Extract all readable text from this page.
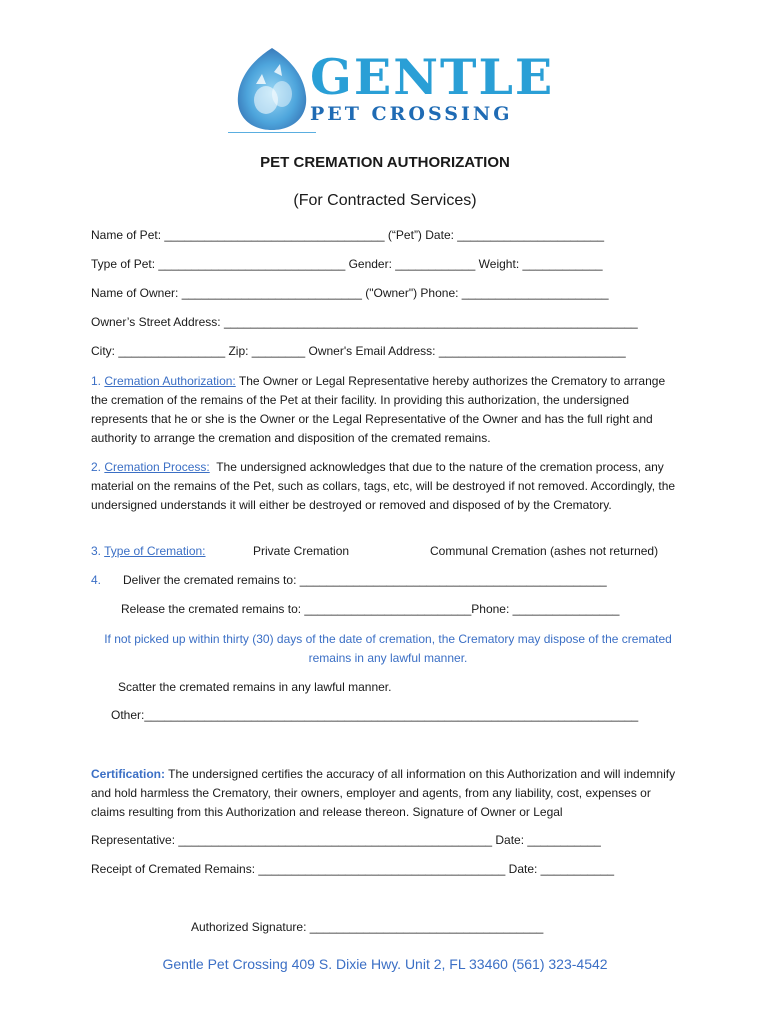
GENTLE
PET CROSSING
PET CREMATION AUTHORIZATION
(For Contracted Services)
Name of Pet: _________________________________ (“Pet”) Date: ______________________
Type of Pet: ____________________________ Gender: ____________ Weight: ____________
Name of Owner: ___________________________ ("Owner") Phone: ______________________
Owner’s Street Address: ______________________________________________________________
City: ________________ Zip: ________ Owner's Email Address: ____________________________
1. Cremation Authorization: The Owner or Legal Representative hereby authorizes the Crematory to arrange the cremation of the remains of the Pet at their facility. In providing this authorization, the undersigned represents that he or she is the Owner or the Legal Representative of the Owner and has the full right and authority to arrange the cremation and disposition of the cremated remains.
2. Cremation Process: The undersigned acknowledges that due to the nature of the cremation process, any material on the remains of the Pet, such as collars, tags, etc, will be destroyed if not removed. Accordingly, the undersigned understands it will either be destroyed or removed and disposed of by the Crematory.
3. Type of Cremation:	Private Cremation	Communal Cremation (ashes not returned)
4. Deliver the cremated remains to: ______________________________________________
Release the cremated remains to: _________________________Phone: ________________
If not picked up within thirty (30) days of the date of cremation, the Crematory may dispose of the cremated remains in any lawful manner.
Scatter the cremated remains in any lawful manner.
Other:__________________________________________________________________________
Certification: The undersigned certifies the accuracy of all information on this Authorization and will indemnify and hold harmless the Crematory, their owners, employer and agents, from any liability, cost, expenses or claims resulting from this Authorization and release thereon. Signature of Owner or Legal
Representative: _______________________________________________ Date: ___________
Receipt of Cremated Remains: _____________________________________ Date: ___________
Authorized Signature: ___________________________________
Gentle Pet Crossing 409 S. Dixie Hwy. Unit 2, FL 33460 (561) 323-4542
